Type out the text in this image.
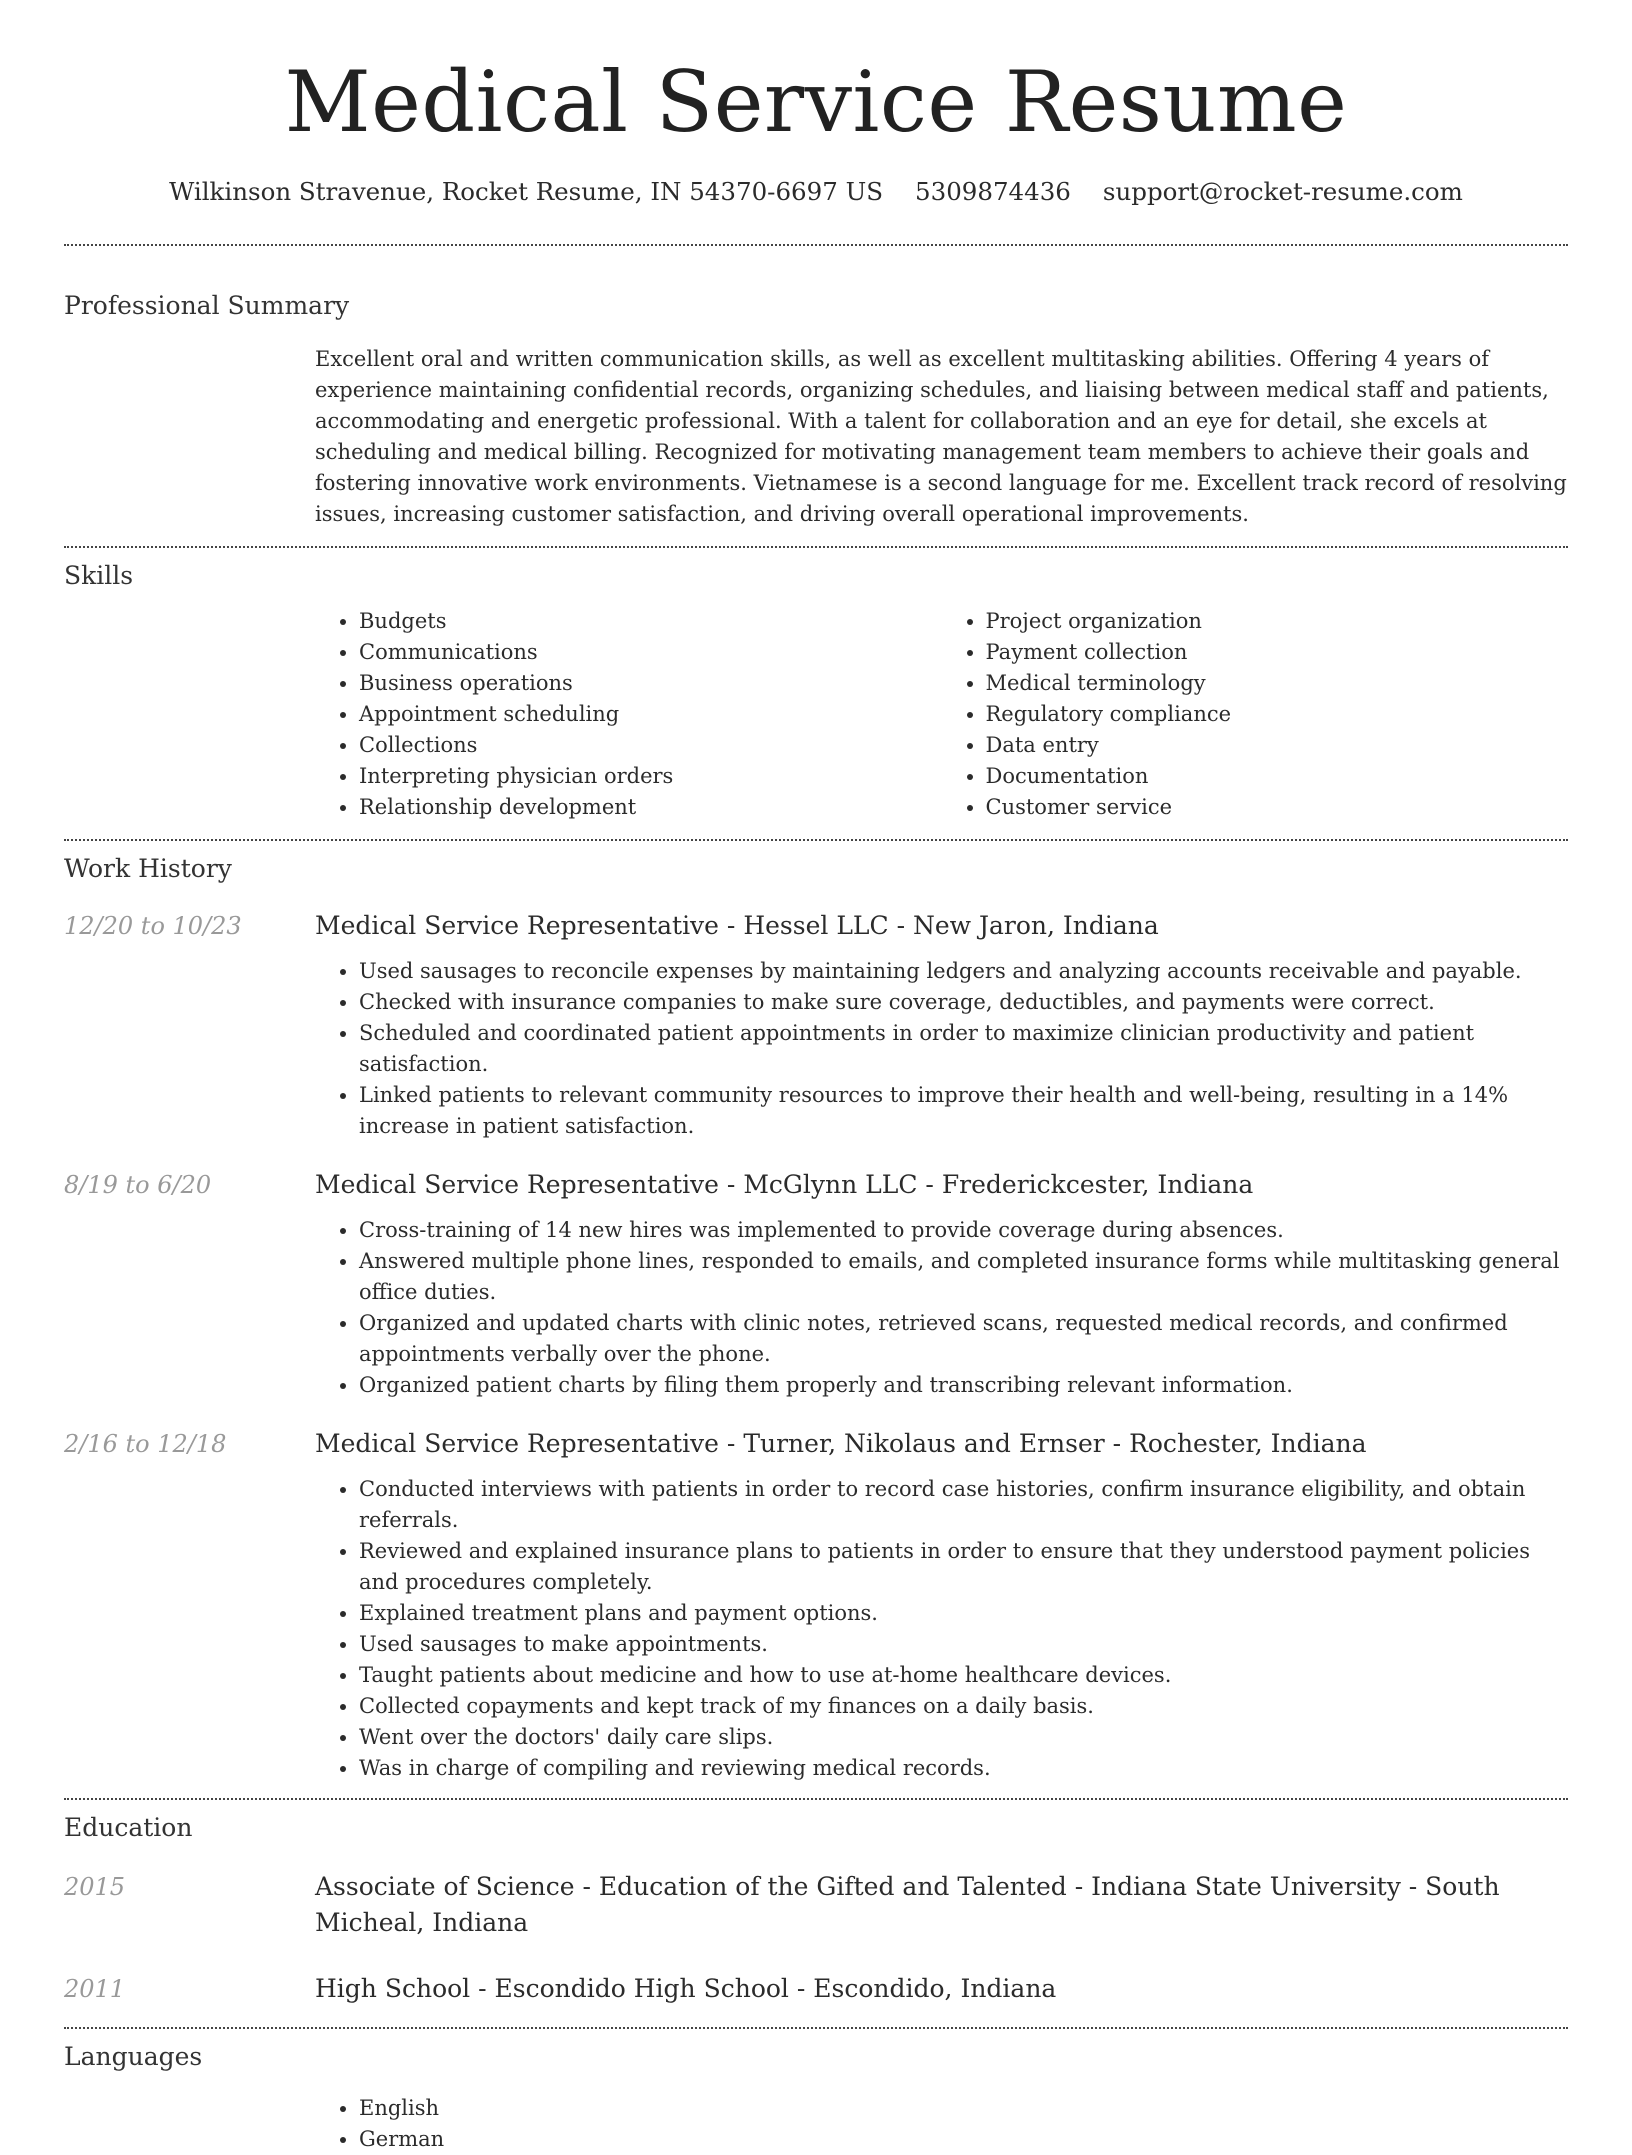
Medical Service Resume
Wilkinson Stravenue, Rocket Resume, IN 54370-6697 US 5309874436 support@rocket-resume.com
Professional Summary
Excellent oral and written communication skills, as well as excellent multitasking abilities. Offering 4 years of experience maintaining confidential records, organizing schedules, and liaising between medical staff and patients, accommodating and energetic professional. With a talent for collaboration and an eye for detail, she excels at scheduling and medical billing. Recognized for motivating management team members to achieve their goals and fostering innovative work environments. Vietnamese is a second language for me. Excellent track record of resolving issues, increasing customer satisfaction, and driving overall operational improvements.
Skills
• Budgets
• Communications
• Business operations
• Appointment scheduling
• Collections
• Interpreting physician orders
• Relationship development
• Project organization
• Payment collection
• Medical terminology
• Regulatory compliance
• Data entry
• Documentation
• Customer service
Work History
12/20 to 10/23	Medical Service Representative - Hessel LLC - New Jaron, Indiana
• Used sausages to reconcile expenses by maintaining ledgers and analyzing accounts receivable and payable.
• Checked with insurance companies to make sure coverage, deductibles, and payments were correct.
• Scheduled and coordinated patient appointments in order to maximize clinician productivity and patient satisfaction.
• Linked patients to relevant community resources to improve their health and well-being, resulting in a 14% increase in patient satisfaction.
8/19 to 6/20	Medical Service Representative - McGlynn LLC - Frederickcester, Indiana
• Cross-training of 14 new hires was implemented to provide coverage during absences.
• Answered multiple phone lines, responded to emails, and completed insurance forms while multitasking general office duties.
• Organized and updated charts with clinic notes, retrieved scans, requested medical records, and confirmed appointments verbally over the phone.
• Organized patient charts by filing them properly and transcribing relevant information.
2/16 to 12/18	Medical Service Representative - Turner, Nikolaus and Ernser - Rochester, Indiana
• Conducted interviews with patients in order to record case histories, confirm insurance eligibility, and obtain referrals.
• Reviewed and explained insurance plans to patients in order to ensure that they understood payment policies and procedures completely.
• Explained treatment plans and payment options.
• Used sausages to make appointments.
• Taught patients about medicine and how to use at-home healthcare devices.
• Collected copayments and kept track of my finances on a daily basis.
• Went over the doctors' daily care slips.
• Was in charge of compiling and reviewing medical records.
Education
2015	Associate of Science - Education of the Gifted and Talented - Indiana State University - South Micheal, Indiana
2011	High School - Escondido High School - Escondido, Indiana
Languages
• English
• German
